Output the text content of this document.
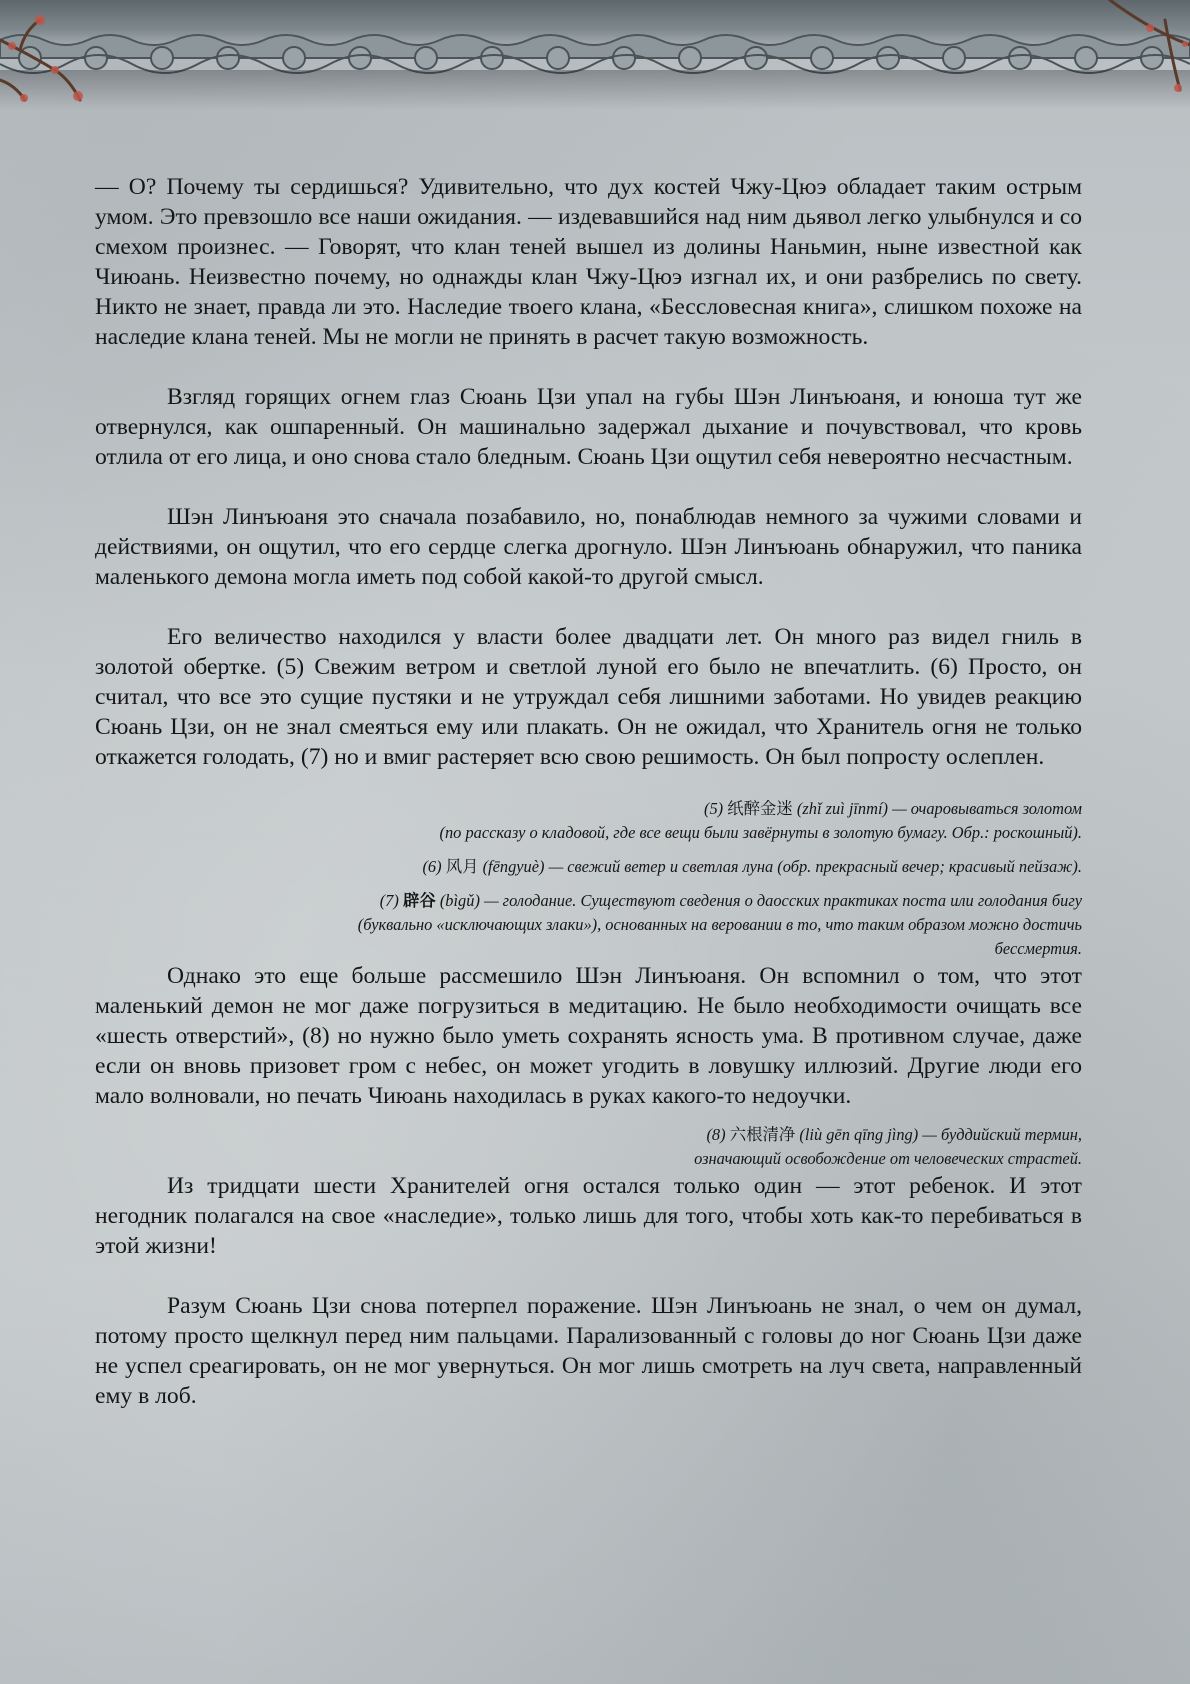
— О? Почему ты сердишься? Удивительно, что дух костей Чжу-Цюэ обладает таким острым умом. Это превзошло все наши ожидания. — издевавшийся над ним дьявол легко улыбнулся и со смехом произнес. — Говорят, что клан теней вышел из долины Наньмин, ныне известной как Чиюань. Неизвестно почему, но однажды клан Чжу-Цюэ изгнал их, и они разбрелись по свету. Никто не знает, правда ли это. Наследие твоего клана, «Бессловесная книга», слишком похоже на наследие клана теней. Мы не могли не принять в расчет такую возможность.

Взгляд горящих огнем глаз Сюань Цзи упал на губы Шэн Линъюаня, и юноша тут же отвернулся, как ошпаренный. Он машинально задержал дыхание и почувствовал, что кровь отлила от его лица, и оно снова стало бледным. Сюань Цзи ощутил себя невероятно несчастным.

Шэн Линъюаня это сначала позабавило, но, понаблюдав немного за чужими словами и действиями, он ощутил, что его сердце слегка дрогнуло. Шэн Линъюань обнаружил, что паника маленького демона могла иметь под собой какой-то другой смысл.

Его величество находился у власти более двадцати лет. Он много раз видел гниль в золотой обертке. (5) Свежим ветром и светлой луной его было не впечатлить. (6) Просто, он считал, что все это сущие пустяки и не утруждал себя лишними заботами. Но увидев реакцию Сюань Цзи, он не знал смеяться ему или плакать. Он не ожидал, что Хранитель огня не только откажется голодать, (7) но и вмиг растеряет всю свою решимость. Он был попросту ослеплен.

(5) 纸醉金迷 (zhǐ zuì jīnmí) — очаровываться золотом

(по рассказу о кладовой, где все вещи были завёрнуты в золотую бумагу. Обр.: роскошный).

(6) 风月 (fēngyuè) — свежий ветер и светлая луна (обр. прекрасный вечер; красивый пейзаж).

(7) 辟谷 (bìgǔ) — голодание. Существуют сведения о даосских практиках поста или голодания бигу

(буквально «исключающих злаки»), основанных на веровании в то, что таким образом можно достичь

бессмертия.

Однако это еще больше рассмешило Шэн Линъюаня. Он вспомнил о том, что этот маленький демон не мог даже погрузиться в медитацию. Не было необходимости очищать все «шесть отверстий», (8) но нужно было уметь сохранять ясность ума. В противном случае, даже если он вновь призовет гром с небес, он может угодить в ловушку иллюзий. Другие люди его мало волновали, но печать Чиюань находилась в руках какого-то недоучки.

(8) 六根清净 (liù gēn qīng jìng) — буддийский термин,

означающий освобождение от человеческих страстей.

Из тридцати шести Хранителей огня остался только один — этот ребенок. И этот негодник полагался на свое «наследие», только лишь для того, чтобы хоть как-то перебиваться в этой жизни!

Разум Сюань Цзи снова потерпел поражение. Шэн Линъюань не знал, о чем он думал, потому просто щелкнул перед ним пальцами. Парализованный с головы до ног Сюань Цзи даже не успел среагировать, он не мог увернуться. Он мог лишь смотреть на луч света, направленный ему в лоб.
